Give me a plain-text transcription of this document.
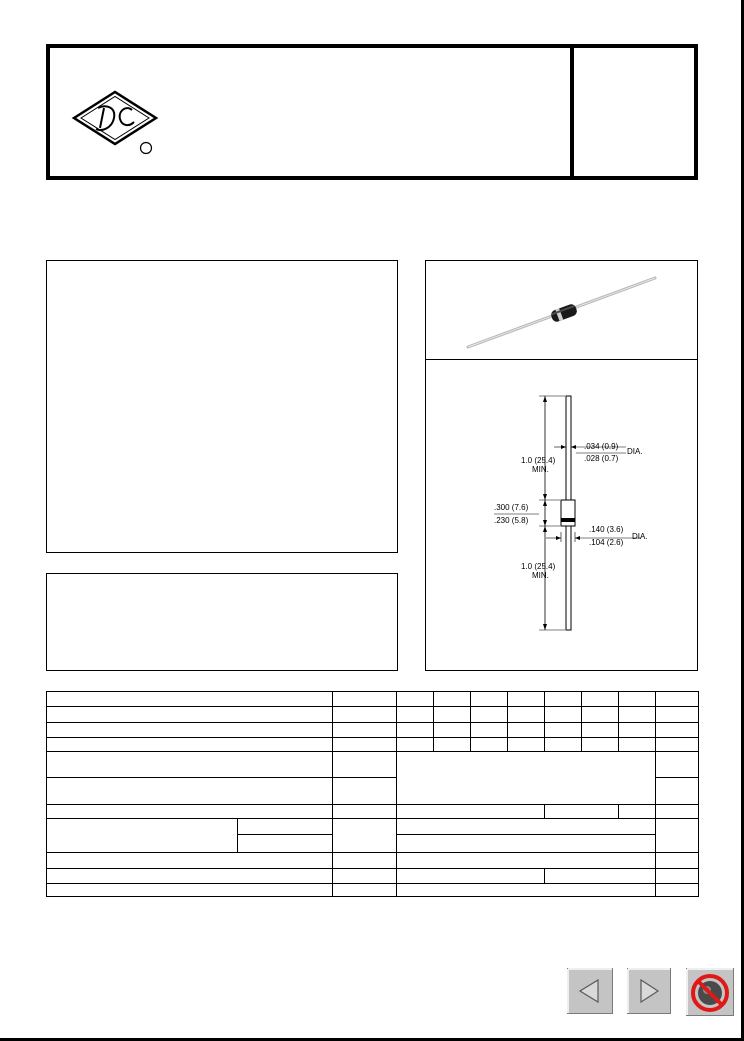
1.0 (25.4)
MIN.
.034 (0.9)
.028 (0.7)
DIA.
.300 (7.6)
.230 (5.8)
.140 (3.6)
.104 (2.6)
DIA.
1.0 (25.4)
MIN.
